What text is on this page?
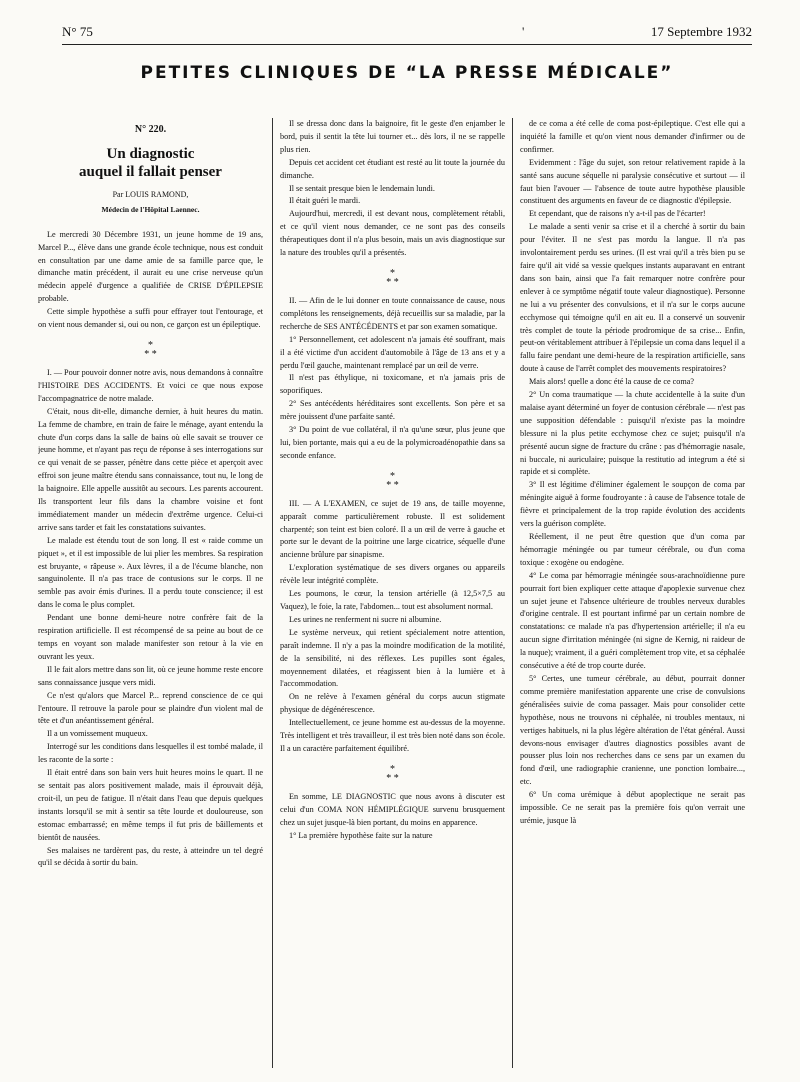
N° 75	'	17 Septembre 1932
PETITES CLINIQUES DE “LA PRESSE MÉDICALE”
N° 220.
Un diagnostic
auquel il fallait penser
Par LOUIS RAMOND,
Médecin de l'Hôpital Laennec.

Le mercredi 30 Décembre 1931, un jeune homme de 19 ans, Marcel P..., élève dans une grande école technique, nous est conduit en consultation par une dame amie de sa famille parce que, le dimanche matin précédent, il aurait eu une crise nerveuse qu'un médecin appelé d'urgence a qualifiée de CRISE D'ÉPILEPSIE probable.

Cette simple hypothèse a suffi pour effrayer tout l'entourage, et on vient nous demander si, oui ou non, ce garçon est un épileptique.

*
* *

I. — Pour pouvoir donner notre avis, nous demandons à connaître l'HISTOIRE DES ACCIDENTS. Et voici ce que nous expose l'accompagnatrice de notre malade.

C'était, nous dit-elle, dimanche dernier, à huit heures du matin. La femme de chambre, en train de faire le ménage, ayant entendu la chute d'un corps dans la salle de bains où elle savait se trouver ce jeune homme, et n'ayant pas reçu de réponse à ses interrogations sur ce qui venait de se passer, pénètre dans cette pièce et aperçoit avec effroi son jeune maître étendu sans connaissance, tout nu, le long de la baignoire. Elle appelle aussitôt au secours. Les parents accourent. Ils transportent leur fils dans la chambre voisine et font immédiatement mander un médecin d'extrême urgence. Celui-ci arrive sans tarder et fait les constatations suivantes.

Le malade est étendu tout de son long. Il est « raide comme un piquet », et il est impossible de lui plier les membres. Sa respiration est bruyante, « râpeuse ». Aux lèvres, il a de l'écume blanche, non sanguinolente. Il n'a pas trace de contusions sur le corps. Il ne semble pas avoir émis d'urines. Il a perdu toute conscience; il est dans le coma le plus complet.

Pendant une bonne demi-heure notre confrère fait de la respiration artificielle. Il est récompensé de sa peine au bout de ce temps en voyant son malade manifester son retour à la vie en ouvrant les yeux.

Il le fait alors mettre dans son lit, où ce jeune homme reste encore sans connaissance jusque vers midi.

Ce n'est qu'alors que Marcel P... reprend conscience de ce qui l'entoure. Il retrouve la parole pour se plaindre d'un violent mal de tête et d'un anéantissement général.

Il a un vomissement muqueux.

Interrogé sur les conditions dans lesquelles il est tombé malade, il les raconte de la sorte :

Il était entré dans son bain vers huit heures moins le quart. Il ne se sentait pas alors positivement malade, mais il éprouvait déjà, croit-il, un peu de fatigue. Il n'était dans l'eau que depuis quelques instants lorsqu'il se mit à sentir sa tête lourde et douloureuse, son estomac embarrassé; en même temps il fut pris de bâillements et bientôt de nausées.

Ses malaises ne tardèrent pas, du reste, à atteindre un tel degré qu'il se décida à sortir du bain.

Il se dressa donc dans la baignoire, fit le geste d'en enjamber le bord, puis il sentit la tête lui tourner et... dès lors, il ne se rappelle plus rien.

Depuis cet accident cet étudiant est resté au lit toute la journée du dimanche.

Il se sentait presque bien le lendemain lundi.

Il était guéri le mardi.

Aujourd'hui, mercredi, il est devant nous, complètement rétabli, et ce qu'il vient nous demander, ce ne sont pas des conseils thérapeutiques dont il n'a plus besoin, mais un avis diagnostique sur la nature des troubles qu'il a présentés.

*
* *

II. — Afin de le lui donner en toute connaissance de cause, nous complétons les renseignements, déjà recueillis sur sa maladie, par la recherche de SES ANTÉCÉDENTS et par son examen somatique.

1° Personnellement, cet adolescent n'a jamais été souffrant, mais il a été victime d'un accident d'automobile à l'âge de 13 ans et y a perdu l'œil gauche, maintenant remplacé par un œil de verre.

Il n'est pas éthylique, ni toxicomane, et n'a jamais pris de soporifiques.

2° Ses antécédents héréditaires sont excellents. Son père et sa mère jouissent d'une parfaite santé.

3° Du point de vue collatéral, il n'a qu'une sœur, plus jeune que lui, bien portante, mais qui a eu de la polymicroadénopathie dans sa seconde enfance.

*
* *

III. — A L'EXAMEN, ce sujet de 19 ans, de taille moyenne, apparaît comme particulièrement robuste. Il est solidement charpenté; son teint est bien coloré. Il a un œil de verre à gauche et porte sur le devant de la poitrine une large cicatrice, séquelle d'une ancienne brûlure par sinapisme.

L'exploration systématique de ses divers organes ou appareils révèle leur intégrité complète.

Les poumons, le cœur, la tension artérielle (à 12,5×7,5 au Vaquez), le foie, la rate, l'abdomen... tout est absolument normal.

Les urines ne renferment ni sucre ni albumine.

Le système nerveux, qui retient spécialement notre attention, paraît indemne. Il n'y a pas la moindre modification de la motilité, de la sensibilité, ni des réflexes. Les pupilles sont égales, moyennement dilatées, et réagissent bien à la lumière et à l'accommodation.

On ne relève à l'examen général du corps aucun stigmate physique de dégénérescence.

Intellectuellement, ce jeune homme est au-dessus de la moyenne. Très intelligent et très travailleur, il est très bien noté dans son école. Il a un caractère parfaitement équilibré.

*
* *

En somme, LE DIAGNOSTIC que nous avons à discuter est celui d'un COMA NON HÉMIPLÉGIQUE survenu brusquement chez un sujet jusque-là bien portant, du moins en apparence.

1° La première hypothèse faite sur la nature

de ce coma a été celle de coma post-épileptique. C'est elle qui a inquiété la famille et qu'on vient nous demander d'infirmer ou de confirmer.

Evidemment : l'âge du sujet, son retour relativement rapide à la santé sans aucune séquelle ni paralysie consécutive et surtout — il faut bien l'avouer — l'absence de toute autre hypothèse plausible constituent des arguments en faveur de ce diagnostic d'épilepsie.

Et cependant, que de raisons n'y a-t-il pas de l'écarter!

Le malade a senti venir sa crise et il a cherché à sortir du bain pour l'éviter. Il ne s'est pas mordu la langue. Il n'a pas involontairement perdu ses urines. (Il est vrai qu'il a très bien pu se faire qu'il ait vidé sa vessie quelques instants auparavant en entrant dans son bain, ainsi que l'a fait remarquer notre confrère pour enlever à ce symptôme négatif toute valeur diagnostique). Personne ne lui a vu présenter des convulsions, et il n'a sur le corps aucune ecchymose qui témoigne qu'il en ait eu. Il a conservé un souvenir très complet de toute la période prodromique de sa crise... Enfin, peut-on véritablement attribuer à l'épilepsie un coma dans lequel il a fallu faire pendant une demi-heure de la respiration artificielle, sans doute à cause de l'arrêt complet des mouvements respiratoires?

Mais alors! quelle a donc été la cause de ce coma?

2° Un coma traumatique — la chute accidentelle à la suite d'un malaise ayant déterminé un foyer de contusion cérébrale — n'est pas une supposition défendable : puisqu'il n'existe pas la moindre blessure ni la plus petite ecchymose chez ce sujet; puisqu'il n'a présenté aucun signe de fracture du crâne : pas d'hémorragie nasale, ni buccale, ni auriculaire; puisque la restitutio ad integrum a été si rapide et si complète.

3° Il est légitime d'éliminer également le soupçon de coma par méningite aiguë à forme foudroyante : à cause de l'absence totale de fièvre et principalement de la trop rapide évolution des accidents vers la guérison complète.

Réellement, il ne peut être question que d'un coma par hémorragie méningée ou par tumeur cérébrale, ou d'un coma toxique : exogène ou endogène.

4° Le coma par hémorragie méningée sous-arachnoïdienne pure pourrait fort bien expliquer cette attaque d'apoplexie survenue chez un sujet jeune et l'absence ultérieure de troubles nerveux durables d'origine centrale. Il est pourtant infirmé par un certain nombre de constatations: ce malade n'a pas d'hypertension artérielle; il n'a eu aucun signe d'irritation méningée (ni signe de Kernig, ni raideur de la nuque); vraiment, il a guéri complètement trop vite, et sa céphalée consécutive a été de trop courte durée.

5° Certes, une tumeur cérébrale, au début, pourrait donner comme première manifestation apparente une crise de convulsions généralisées suivie de coma passager. Mais pour consolider cette hypothèse, nous ne trouvons ni céphalée, ni troubles mentaux, ni vertiges habituels, ni la plus légère altération de l'état général. Aussi devons-nous envisager d'autres diagnostics possibles avant de pousser plus loin nos recherches dans ce sens par un examen du fond d'œil, une radiographie cranienne, une ponction lombaire..., etc.

6° Un coma urémique à début apoplectique ne serait pas impossible. Ce ne serait pas la première fois qu'on verrait une urémie, jusque là
